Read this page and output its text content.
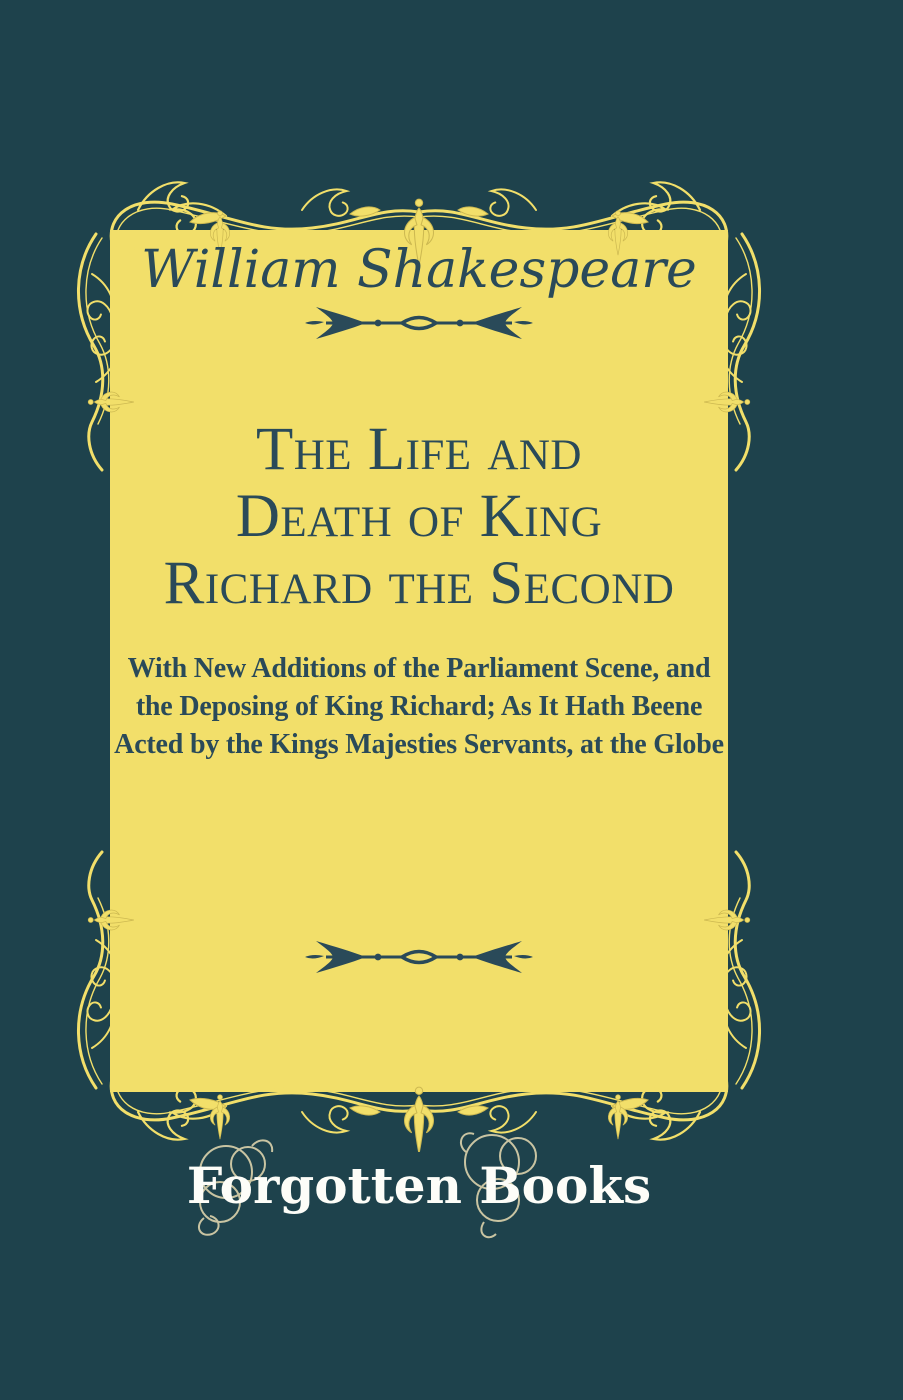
William Shakespeare
The Life and
Death of King
Richard the Second
With New Additions of the Parliament Scene, and
the Deposing of King Richard; As It Hath Beene
Acted by the Kings Majesties Servants, at the Globe
Forgotten Books
